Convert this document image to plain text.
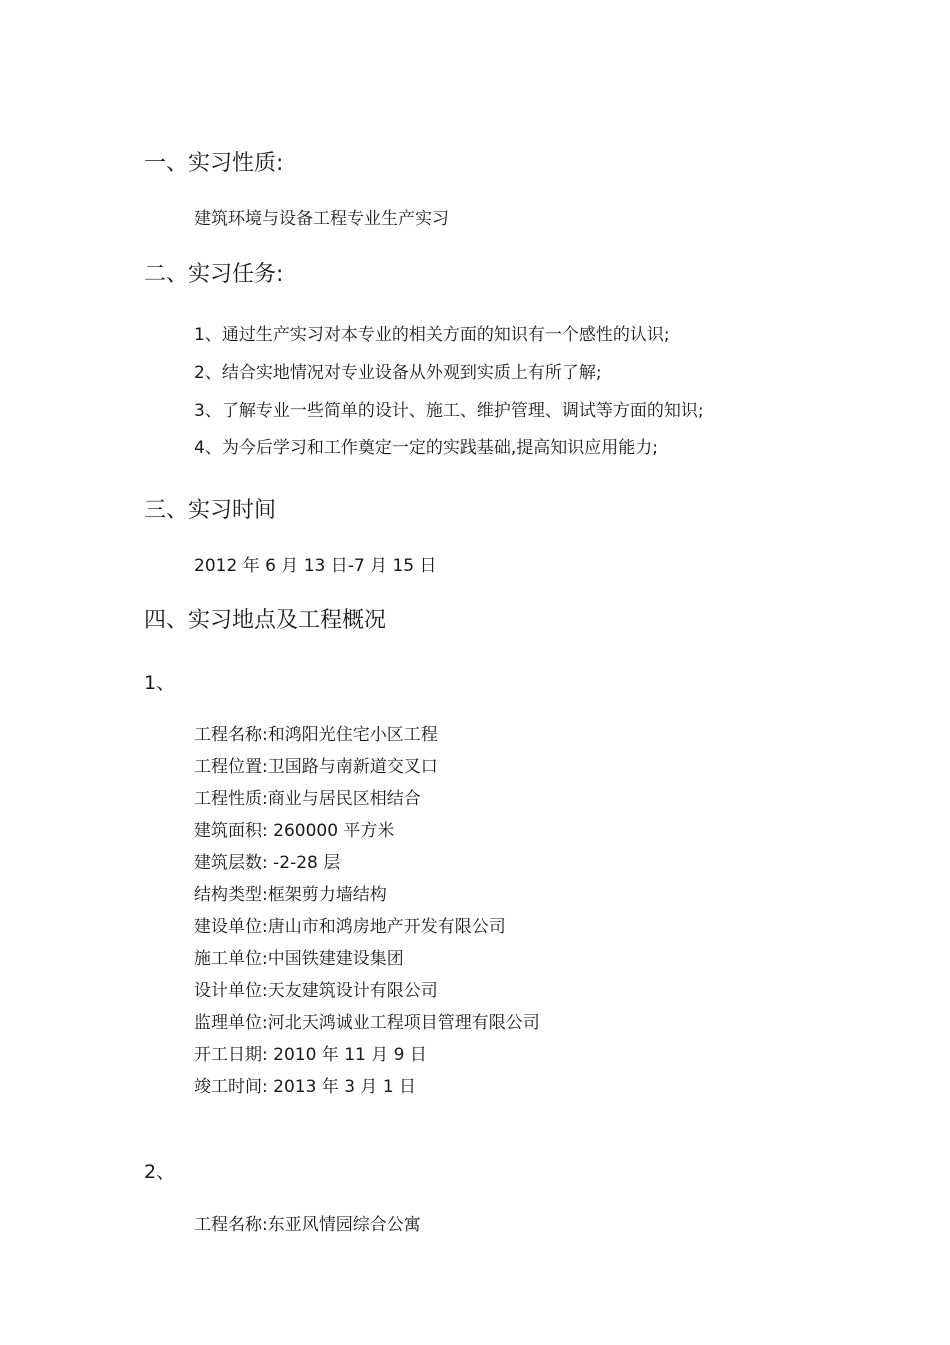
一、实习性质:
建筑环境与设备工程专业生产实习
二、实习任务:
1、通过生产实习对本专业的相关方面的知识有一个感性的认识;
2、结合实地情况对专业设备从外观到实质上有所了解;
3、了解专业一些简单的设计、施工、维护管理、调试等方面的知识;
4、为今后学习和工作奠定一定的实践基础,提高知识应用能力;
三、实习时间
2012 年 6 月 13 日-7 月 15 日
四、实习地点及工程概况
1、
工程名称:和鸿阳光住宅小区工程
工程位置:卫国路与南新道交叉口
工程性质:商业与居民区相结合
建筑面积: 260000 平方米
建筑层数: -2-28 层
结构类型:框架剪力墙结构
建设单位:唐山市和鸿房地产开发有限公司
施工单位:中国铁建建设集团
设计单位:天友建筑设计有限公司
监理单位:河北天鸿诚业工程项目管理有限公司
开工日期: 2010 年 11 月 9 日
竣工时间: 2013 年 3 月 1 日
2、
工程名称:东亚风情园综合公寓
